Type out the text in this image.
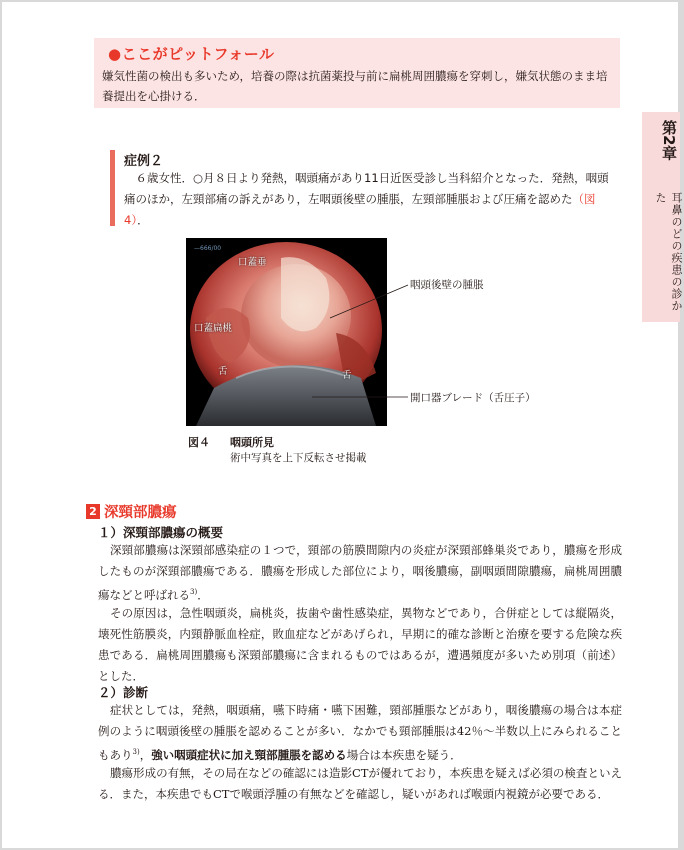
●ここがピットフォール
嫌気性菌の検出も多いため，培養の際は抗菌薬投与前に扁桃周囲膿瘍を穿刺し，嫌気状態のまま培養提出を心掛ける．
第2章
耳鼻のどの疾患の診かた
症例２
　６歳女性．○月８日より発熱，咽頭痛があり11日近医受診し当科紹介となった．発熱，咽頭痛のほか，左頸部痛の訴えがあり，左咽頭後壁の腫脹，左頸部腫脹および圧痛を認めた（図4）．
—666/00
口蓋垂
口蓋扁桃
舌	舌
咽頭後壁の腫脹
開口器ブレード（舌圧子）
図４ 咽頭所見
術中写真を上下反転させ掲載
2 深頸部膿瘍
１）深頸部膿瘍の概要
深頸部膿瘍は深頸部感染症の１つで，頸部の筋膜間隙内の炎症が深頸部蜂巣炎であり，膿瘍を形成したものが深頸部膿瘍である．膿瘍を形成した部位により，咽後膿瘍，副咽頭間隙膿瘍，扁桃周囲膿瘍などと呼ばれる$^{3)}$．
その原因は，急性咽頭炎，扁桃炎，抜歯や歯性感染症，異物などであり，合併症としては縦隔炎，壊死性筋膜炎，内頸静脈血栓症，敗血症などがあげられ，早期に的確な診断と治療を要する危険な疾患である．扁桃周囲膿瘍も深頸部膿瘍に含まれるものではあるが，遭遇頻度が多いため別項（前述）とした．
２）診断
症状としては，発熱，咽頭痛，嚥下時痛・嚥下困難，頸部腫脹などがあり，咽後膿瘍の場合は本症例のように咽頭後壁の腫脹を認めることが多い．なかでも頸部腫脹は42％～半数以上にみられることもあり$^{3)}$，強い咽頭症状に加え頸部腫脹を認める場合は本疾患を疑う．
膿瘍形成の有無，その局在などの確認には造影CTが優れており，本疾患を疑えば必須の検査といえる．また，本疾患でもCTで喉頭浮腫の有無などを確認し，疑いがあれば喉頭内視鏡が必要である．
